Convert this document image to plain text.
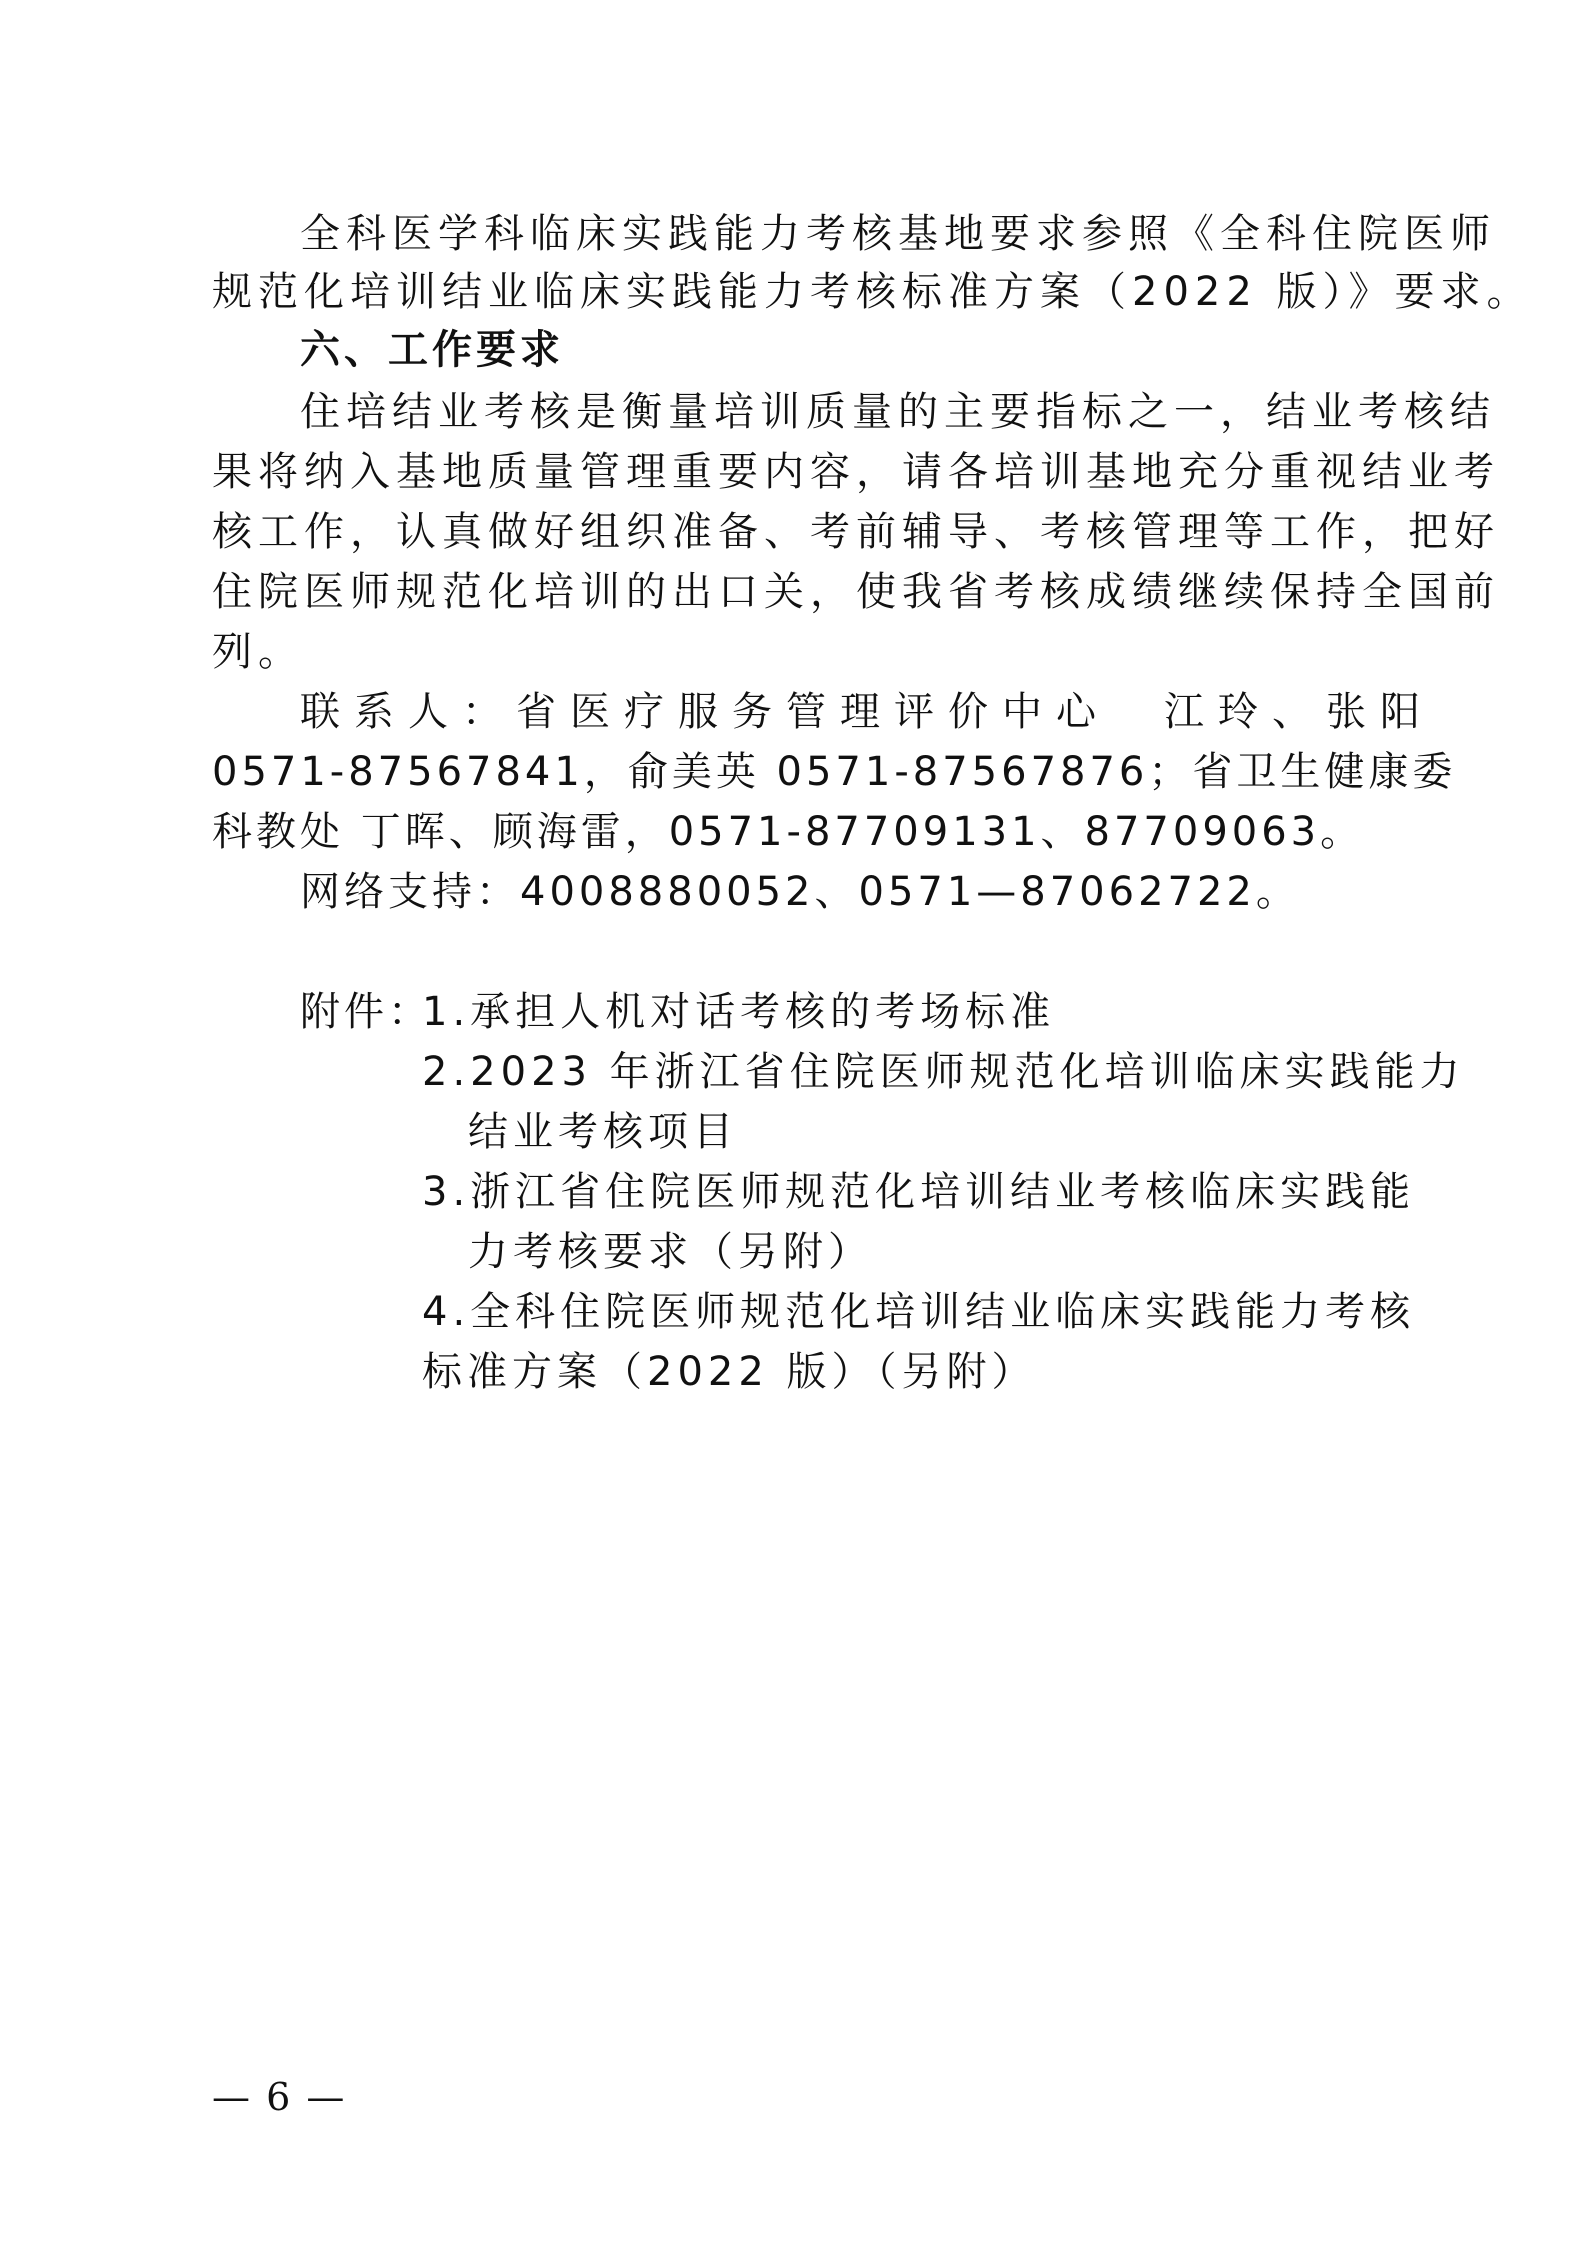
全科医学科临床实践能力考核基地要求参照《全科住院医师
规范化培训结业临床实践能力考核标准方案（2022 版）》要求。
六、工作要求
住培结业考核是衡量培训质量的主要指标之一，结业考核结
果将纳入基地质量管理重要内容，请各培训基地充分重视结业考
核工作，认真做好组织准备、考前辅导、考核管理等工作，把好
住院医师规范化培训的出口关，使我省考核成绩继续保持全国前
列。
联系人：省医疗服务管理评价中心　江玲、张阳
0571-87567841，俞美英 0571-87567876；省卫生健康委
科教处 丁晖、顾海雷，0571-87709131、87709063。
网络支持：4008880052、0571—87062722。
附件：
1.承担人机对话考核的考场标准
2.2023 年浙江省住院医师规范化培训临床实践能力
结业考核项目
3.浙江省住院医师规范化培训结业考核临床实践能
力考核要求（另附）
4.全科住院医师规范化培训结业临床实践能力考核
标准方案（2022 版）（另附）
— 6 —
